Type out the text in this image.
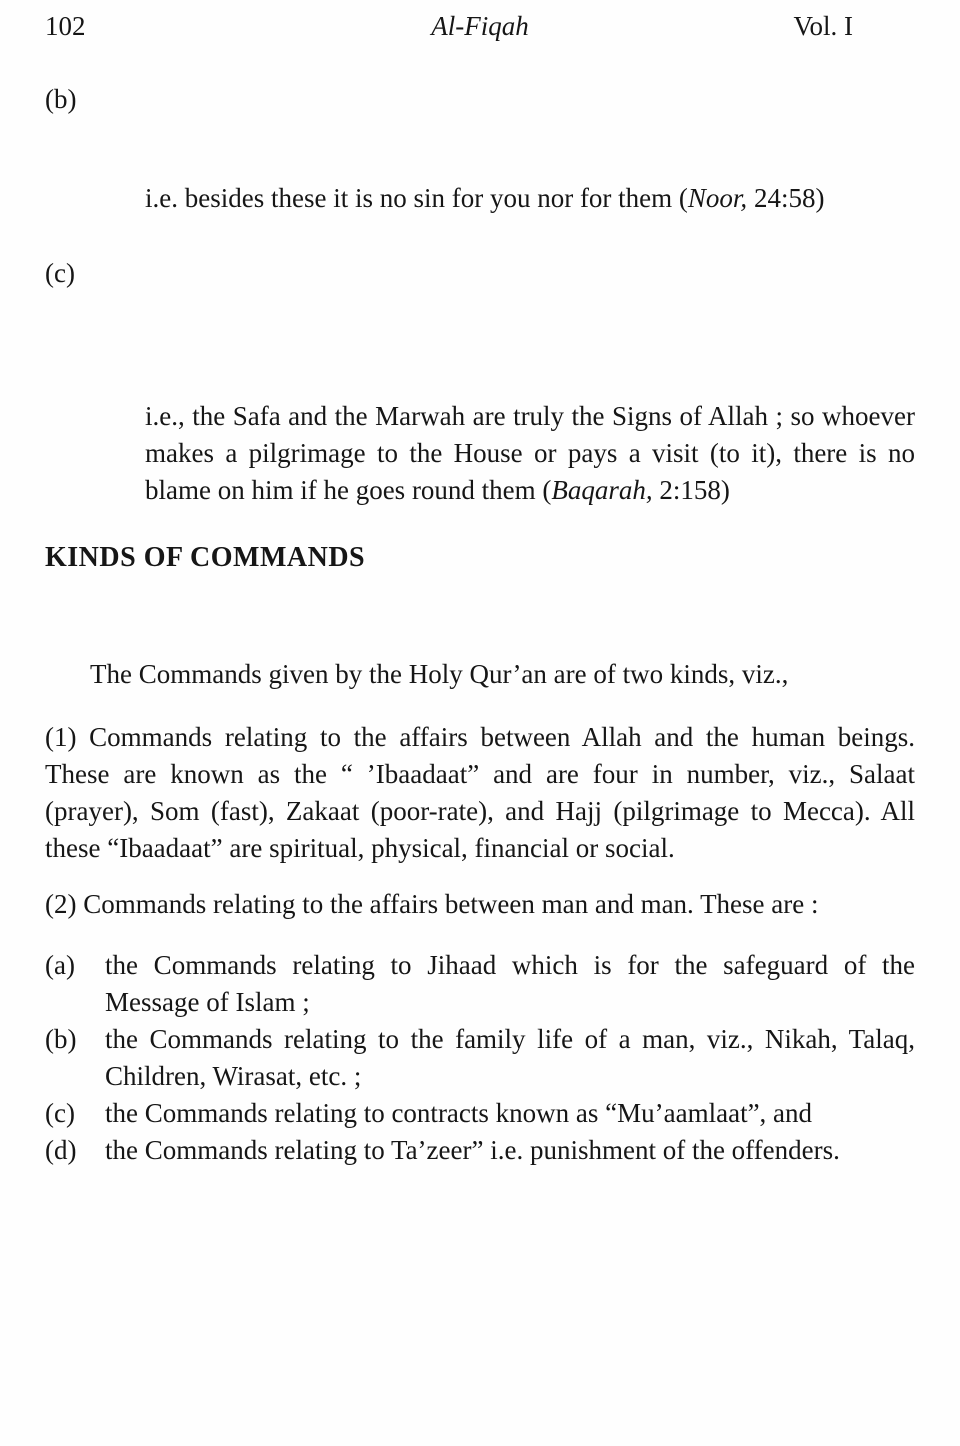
102	Al-Fiqah	Vol. I
(b)

i.e. besides these it is no sin for you nor for them (Noor, 24:58)

(c)

i.e., the Safa and the Marwah are truly the Signs of Allah ; so whoever makes a pilgrimage to the House or pays a visit (to it), there is no blame on him if he goes round them (Baqarah, 2:158)

KINDS OF COMMANDS

The Commands given by the Holy Qur’an are of two kinds, viz.,

(1) Commands relating to the affairs between Allah and the human beings. These are known as the “ ’Ibaadaat” and are four in number, viz., Salaat (prayer), Som (fast), Zakaat (poor-rate), and Hajj (pilgrimage to Mecca). All these “Ibaadaat” are spiritual, physical, financial or social.

(2) Commands relating to the affairs between man and man. These are :

(a)	the Commands relating to Jihaad which is for the safeguard of the Message of Islam ;
(b)	the Commands relating to the family life of a man, viz., Nikah, Talaq, Children, Wirasat, etc. ;
(c)	the Commands relating to contracts known as “Mu’aamlaat”, and
(d)	the Commands relating to Ta’zeer” i.e. punishment of the offenders.
